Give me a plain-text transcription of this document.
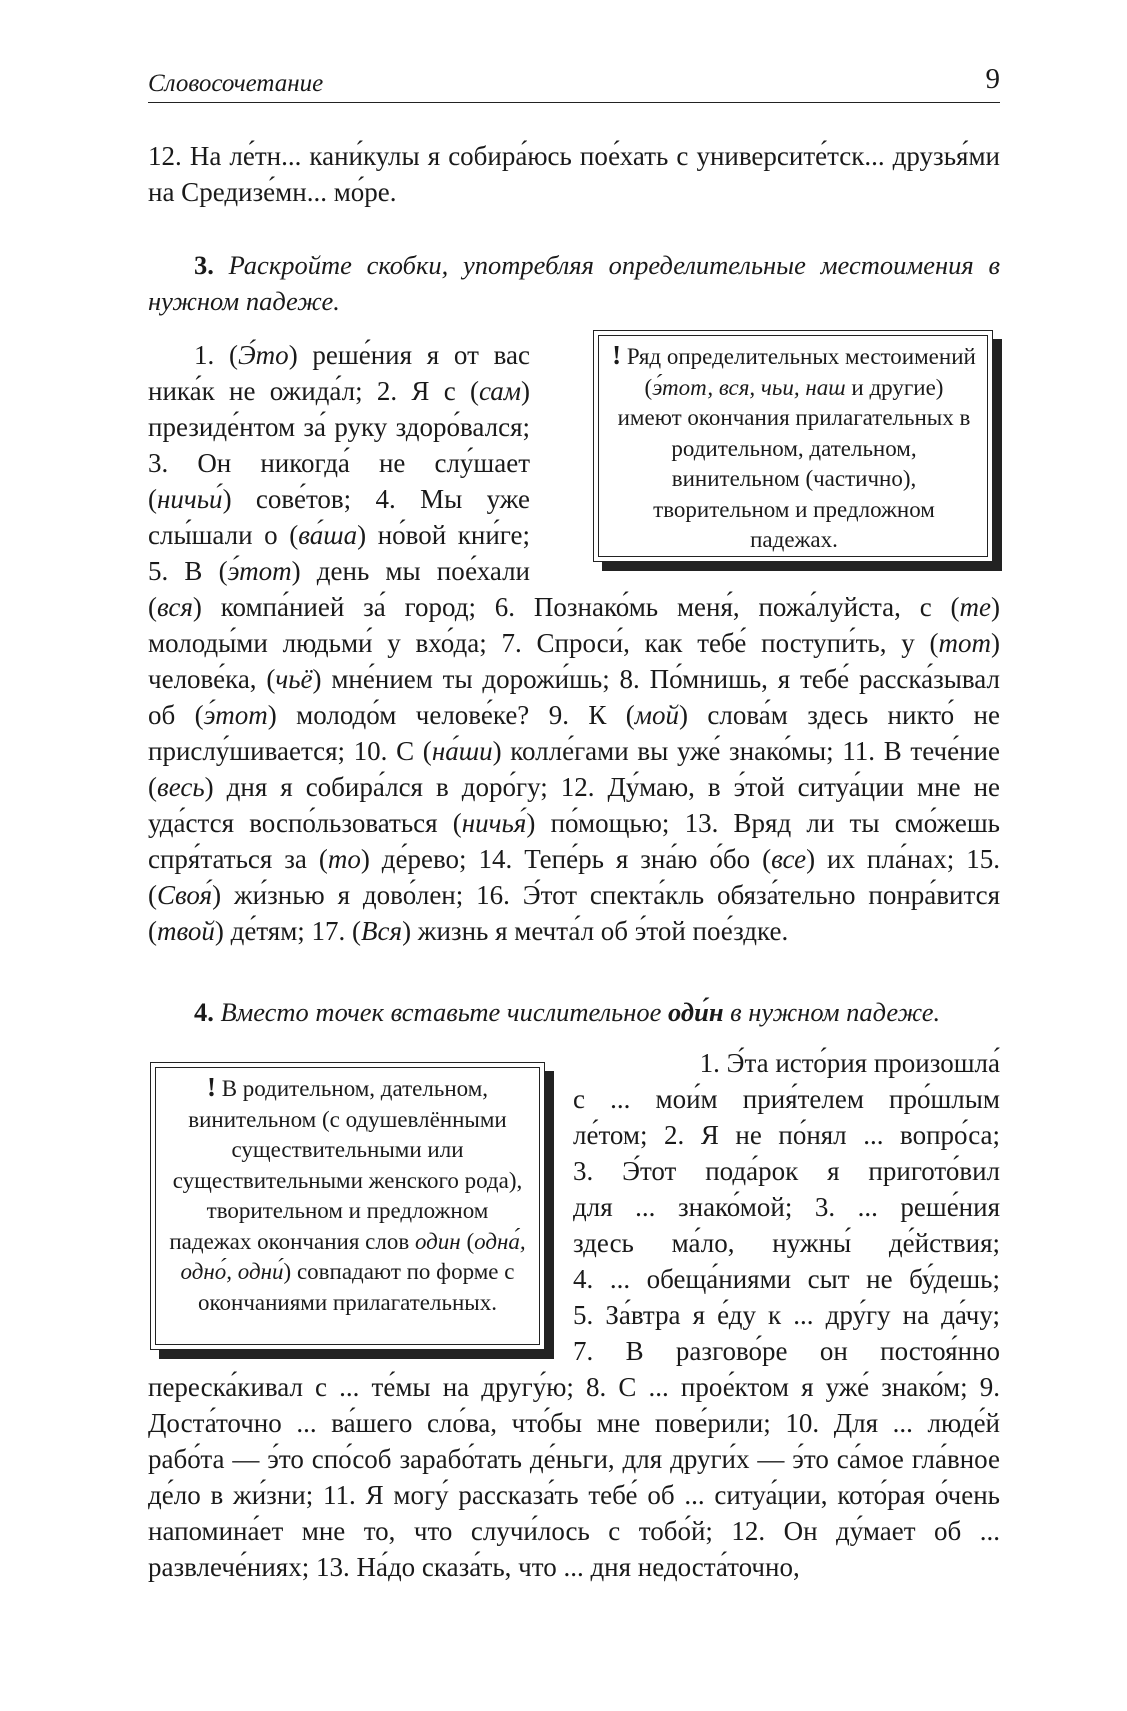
Словосочетание	9

12. На ле́тн... кани́кулы я собира́юсь пое́хать с университе́тск... друзья́ми на Средизе́мн... мо́ре.

3. Раскройте скобки, употребляя определительные местоимения в нужном падеже.

! Ряд определительных местоимений (э́тот, вся, чьи, наш и другие) имеют окончания прилагательных в родительном, дательном, винительном (частично), творительном и предложном падежах.

1. (Э́то) реше́ния я от вас ника́к не ожида́л; 2. Я с (сам) президе́нтом за́ руку здоро́вался; 3. Он никогда́ не слу́шает (ничьи́) сове́тов; 4. Мы уже слы́шали о (ва́ша) но́вой кни́ге; 5. В (э́тот) день мы пое́хали (вся) компа́нией за́ город; 6. Познако́мь меня́, пожа́луйста, с (те) молоды́ми людьми́ у вхо́да; 7. Спроси́, как тебе́ поступи́ть, у (тот) челове́ка, (чьё) мне́нием ты дорожи́шь; 8. По́мнишь, я тебе́ расска́зывал об (э́тот) молодо́м челове́ке? 9. К (мой) слова́м здесь никто́ не прислу́шивается; 10. С (на́ши) колле́гами вы уже́ знако́мы; 11. В тече́ние (весь) дня я собира́лся в доро́гу; 12. Ду́маю, в э́той ситуа́ции мне не уда́стся воспо́льзоваться (ничья́) по́мощью; 13. Вряд ли ты смо́жешь спря́таться за (то) де́рево; 14. Тепе́рь я зна́ю о́бо (все) их пла́нах; 15. (Своя́) жи́знью я дово́лен; 16. Э́тот спекта́кль обяза́тельно понра́вится (твой) де́тям; 17. (Вся) жизнь я мечта́л об э́той пое́здке.

4. Вместо точек вставьте числительное оди́н в нужном падеже.

! В родительном, дательном, винительном (с одушевлёнными существительными или существительными женского рода), творительном и предложном падежах окончания слов один (одна́, одно́, одни́) совпадают по форме с окончаниями прилагательных.

1. Э́та исто́рия произошла́

с ... мои́м прия́телем про́шлым

ле́том; 2. Я не по́нял ... вопро́са;

3. Э́тот пода́рок я пригото́вил

для ... знако́мой; 3. ... реше́ния

здесь ма́ло, нужны́ де́йствия;

4. ... обеща́ниями сыт не бу́дешь;

5. За́втра я е́ду к ... дру́гу на да́чу;

7. В разгово́ре он постоя́нно

переска́кивал с ... те́мы на другу́ю; 8. С ... прое́ктом я уже́ знако́м; 9. Доста́точно ... ва́шего сло́ва, что́бы мне пове́рили; 10. Для ... люде́й рабо́та — э́то спо́соб зарабо́тать де́ньги, для други́х — э́то са́мое гла́вное де́ло в жи́зни; 11. Я могу́ рассказа́ть тебе́ об ... ситуа́ции, кото́рая о́чень напомина́ет мне то, что случи́лось с тобо́й; 12. Он ду́мает об ... развлече́ниях; 13. На́до сказа́ть, что ... дня недоста́точно,
